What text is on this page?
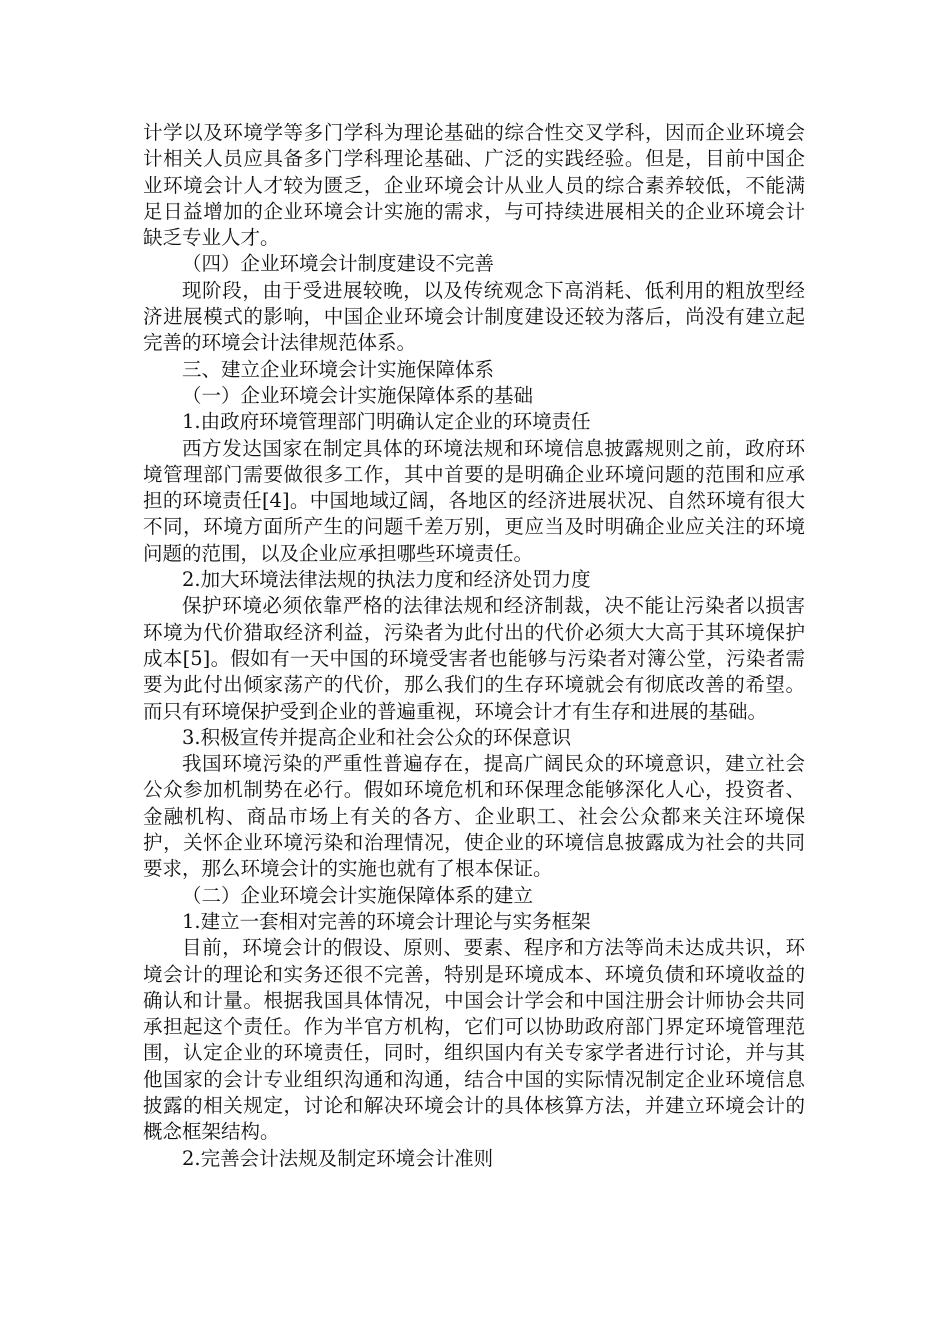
计学以及环境学等多门学科为理论基础的综合性交叉学科，因而企业环境会计相关人员应具备多门学科理论基础、广泛的实践经验。但是，目前中国企业环境会计人才较为匮乏，企业环境会计从业人员的综合素养较低，不能满足日益增加的企业环境会计实施的需求，与可持续进展相关的企业环境会计缺乏专业人才。

（四）企业环境会计制度建设不完善

现阶段，由于受进展较晚，以及传统观念下高消耗、低利用的粗放型经济进展模式的影响，中国企业环境会计制度建设还较为落后，尚没有建立起完善的环境会计法律规范体系。

三、建立企业环境会计实施保障体系

（一）企业环境会计实施保障体系的基础

1.由政府环境管理部门明确认定企业的环境责任

西方发达国家在制定具体的环境法规和环境信息披露规则之前，政府环境管理部门需要做很多工作，其中首要的是明确企业环境问题的范围和应承担的环境责任[4]。中国地域辽阔，各地区的经济进展状况、自然环境有很大不同，环境方面所产生的问题千差万别，更应当及时明确企业应关注的环境问题的范围，以及企业应承担哪些环境责任。

2.加大环境法律法规的执法力度和经济处罚力度

保护环境必须依靠严格的法律法规和经济制裁，决不能让污染者以损害环境为代价猎取经济利益，污染者为此付出的代价必须大大高于其环境保护成本[5]。假如有一天中国的环境受害者也能够与污染者对簿公堂，污染者需要为此付出倾家荡产的代价，那么我们的生存环境就会有彻底改善的希望。而只有环境保护受到企业的普遍重视，环境会计才有生存和进展的基础。

3.积极宣传并提高企业和社会公众的环保意识

我国环境污染的严重性普遍存在，提高广阔民众的环境意识，建立社会公众参加机制势在必行。假如环境危机和环保理念能够深化人心，投资者、金融机构、商品市场上有关的各方、企业职工、社会公众都来关注环境保护，关怀企业环境污染和治理情况，使企业的环境信息披露成为社会的共同要求，那么环境会计的实施也就有了根本保证。

（二）企业环境会计实施保障体系的建立

1.建立一套相对完善的环境会计理论与实务框架

目前，环境会计的假设、原则、要素、程序和方法等尚未达成共识，环境会计的理论和实务还很不完善，特别是环境成本、环境负债和环境收益的确认和计量。根据我国具体情况，中国会计学会和中国注册会计师协会共同承担起这个责任。作为半官方机构，它们可以协助政府部门界定环境管理范围，认定企业的环境责任，同时，组织国内有关专家学者进行讨论，并与其他国家的会计专业组织沟通和沟通，结合中国的实际情况制定企业环境信息披露的相关规定，讨论和解决环境会计的具体核算方法，并建立环境会计的概念框架结构。

2.完善会计法规及制定环境会计准则
